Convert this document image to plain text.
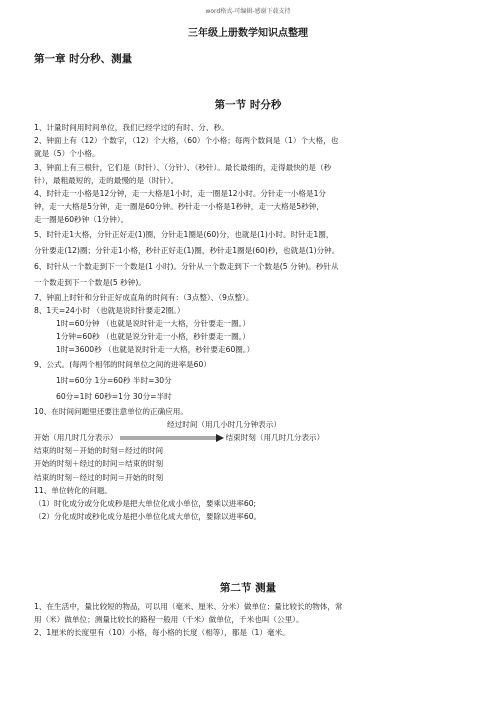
word格式-可编辑-感谢下载支持
三年级上册数学知识点整理
第一章 时分秒、测量
第一节 时分秒

1、计量时间用时间单位，我们已经学过的有时、分、秒。

2、钟面上有（12）个数字，（12）个大格，（60）个小格；每两个数间是（1）个大格，也

就是（5）个小格。

3、钟面上有三根针，它们是（时针）、（分针）、（秒针）。最长最细的，走得最快的是（秒

针），最粗最短的，走的最慢的是（时针）。

4、时针走一小格是12分钟，走一大格是1小时，走一圈是12小时。分针走一小格是1分

钟，走一大格是5分钟，走一圈是60分钟。秒针走一小格是1秒钟，走一大格是5秒钟，

走一圈是60秒钟（1分钟）。

5、时针走1大格，分针正好走(1)圈，分针走1圈是(60)分，也就是(1)小时。时针走1圈，

分针要走(12)圈；分针走1小格，秒针正好走(1)圈，秒针走1圈是(60)秒，也就是(1)分钟。

6、时针从一个数走到下一个数是(1 小时)。分针从一个数走到下一个数是(5 分钟)。秒针从

一个数走到下一个数是(5 秒钟)。

7、钟面上时针和分针正好成直角的时间有：（3点整）、（9点整）。

8、1天=24小时 （也就是说时针要走2圈。）

1时=60分钟 （也就是说时针走一大格，分针要走一圈。）

1分钟=60秒 （也就是说分针走一小格，秒针要走一圈。）

1时=3600秒 （也就是说时针走一大格，秒针要走60圈。）

9、公式。(每两个相邻的时间单位之间的进率是60）

1时=60分 1分=60秒 半时=30分

60分=1时 60秒=1分 30分=半时

10、在时间问题里还要注意单位的正确应用。

经过时间（用几小时几分钟表示）

开始（用几时几分表示）	结束时刻（用几时几分表示）

结束的时刻－开始的时刻＝经过的时间

开始的时刻＋经过的时间＝结束的时刻

结束的时刻－经过的时间＝开始的时刻

11、单位转化的问题。

（1）时化成分或分化成秒是把大单位化成小单位，要乘以进率60;

（2）分化成时或秒化成分是把小单位化成大单位，要除以进率60。

第二节 测量

1、在生活中，量比较短的物品，可以用（毫米、厘米、分米）做单位；量比较长的物体，常

用（米）做单位；测量比较长的路程一般用（千米）做单位，千米也叫（公里）。

2、1厘米的长度里有（10）小格，每小格的长度（相等），都是（1）毫米。
